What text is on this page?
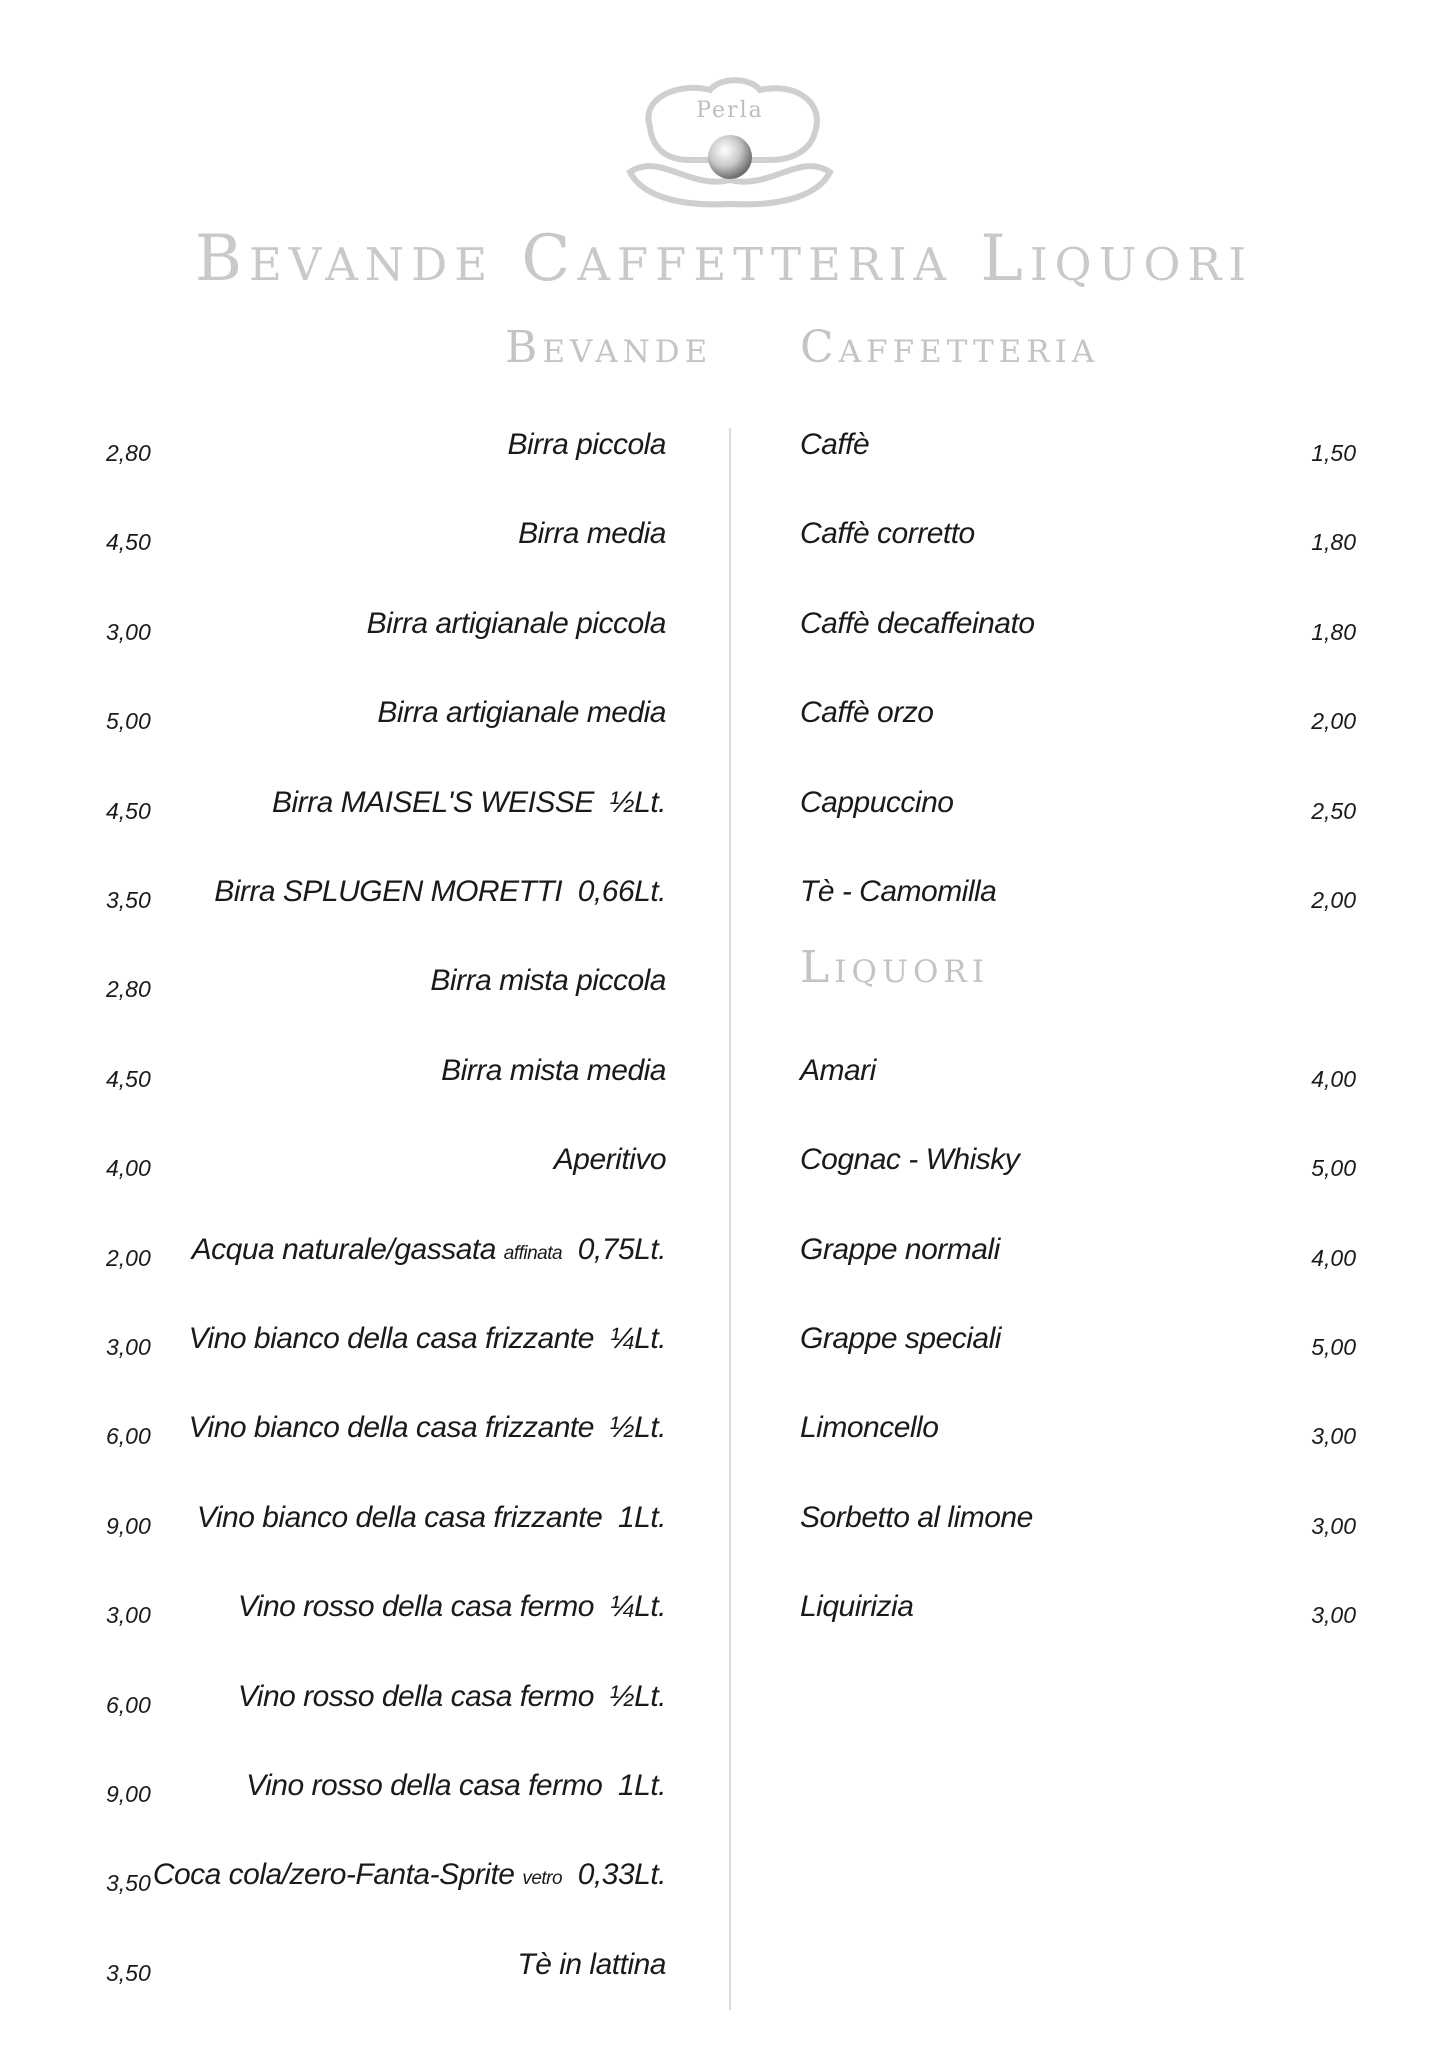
Perla
Bevande Caffetteria Liquori
Bevande Caffetteria
Liquori
2,80	Birra piccola
4,50	Birra media
3,00	Birra artigianale piccola
5,00	Birra artigianale media
4,50	Birra MAISEL'S WEISSE ½Lt.
3,50 Birra SPLUGEN MORETTI 0,66Lt.
2,80	Birra mista piccola
4,50	Birra mista media
4,00	Aperitivo
2,00 Acqua naturale/gassata affinata 0,75Lt.
3,00 Vino bianco della casa frizzante ¼Lt.
6,00 Vino bianco della casa frizzante ½Lt.
9,00 Vino bianco della casa frizzante 1Lt.
3,00	Vino rosso della casa fermo ¼Lt.
6,00	Vino rosso della casa fermo ½Lt.
9,00	Vino rosso della casa fermo 1Lt.
3,50 Coca cola/zero-Fanta-Sprite vetro 0,33Lt.
3,50	Tè in lattina
Caffè	1,50
Caffè corretto	1,80
Caffè decaffeinato	1,80
Caffè orzo	2,00
Cappuccino	2,50
Tè - Camomilla	2,00
Amari	4,00
Cognac - Whisky	5,00
Grappe normali	4,00
Grappe speciali	5,00
Limoncello	3,00
Sorbetto al limone	3,00
Liquirizia	3,00
